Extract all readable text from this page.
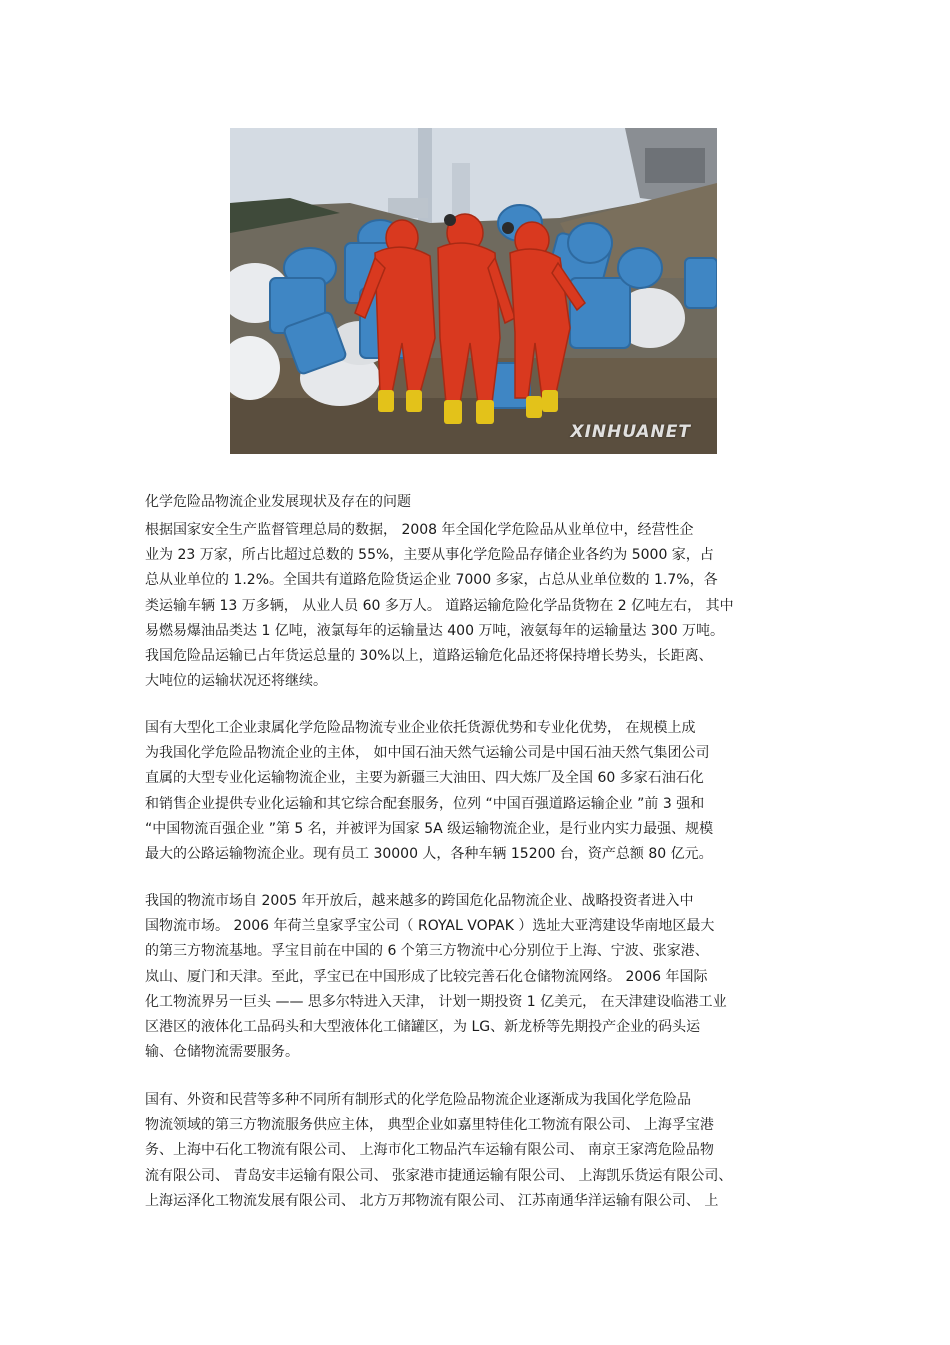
XINHUANET
化学危险品物流企业发展现状及存在的问题
根据国家安全生产监督管理总局的数据， 2008 年全国化学危险品从业单位中，经营性企
业为 23 万家，所占比超过总数的 55%，主要从事化学危险品存储企业各约为 5000 家，占
总从业单位的 1.2%。全国共有道路危险货运企业 7000 多家，占总从业单位数的 1.7%，各
类运输车辆 13 万多辆， 从业人员 60 多万人。 道路运输危险化学品货物在 2 亿吨左右， 其中
易燃易爆油品类达 1 亿吨，液氯每年的运输量达 400 万吨，液氨每年的运输量达 300 万吨。
我国危险品运输已占年货运总量的 30%以上，道路运输危化品还将保持增长势头，长距离、
大吨位的运输状况还将继续。
国有大型化工企业隶属化学危险品物流专业企业依托货源优势和专业化优势， 在规模上成
为我国化学危险品物流企业的主体， 如中国石油天然气运输公司是中国石油天然气集团公司
直属的大型专业化运输物流企业，主要为新疆三大油田、四大炼厂及全国 60 多家石油石化
和销售企业提供专业化运输和其它综合配套服务，位列 “中国百强道路运输企业 ”前 3 强和
“中国物流百强企业 ”第 5 名，并被评为国家 5A 级运输物流企业，是行业内实力最强、规模
最大的公路运输物流企业。现有员工 30000 人，各种车辆 15200 台，资产总额 80 亿元。
我国的物流市场自 2005 年开放后，越来越多的跨国危化品物流企业、战略投资者进入中
国物流市场。 2006 年荷兰皇家孚宝公司（ ROYAL VOPAK ）选址大亚湾建设华南地区最大
的第三方物流基地。孚宝目前在中国的 6 个第三方物流中心分别位于上海、宁波、张家港、
岚山、厦门和天津。至此，孚宝已在中国形成了比较完善石化仓储物流网络。 2006 年国际
化工物流界另一巨头 —— 思多尔特进入天津， 计划一期投资 1 亿美元， 在天津建设临港工业
区港区的液体化工品码头和大型液体化工储罐区，为 LG、新龙桥等先期投产企业的码头运
输、仓储物流需要服务。
国有、外资和民营等多种不同所有制形式的化学危险品物流企业逐渐成为我国化学危险品
物流领域的第三方物流服务供应主体， 典型企业如嘉里特佳化工物流有限公司、 上海孚宝港
务、上海中石化工物流有限公司、 上海市化工物品汽车运输有限公司、 南京王家湾危险品物
流有限公司、 青岛安丰运输有限公司、 张家港市捷通运输有限公司、 上海凯乐货运有限公司、
上海运泽化工物流发展有限公司、 北方万邦物流有限公司、 江苏南通华洋运输有限公司、 上
